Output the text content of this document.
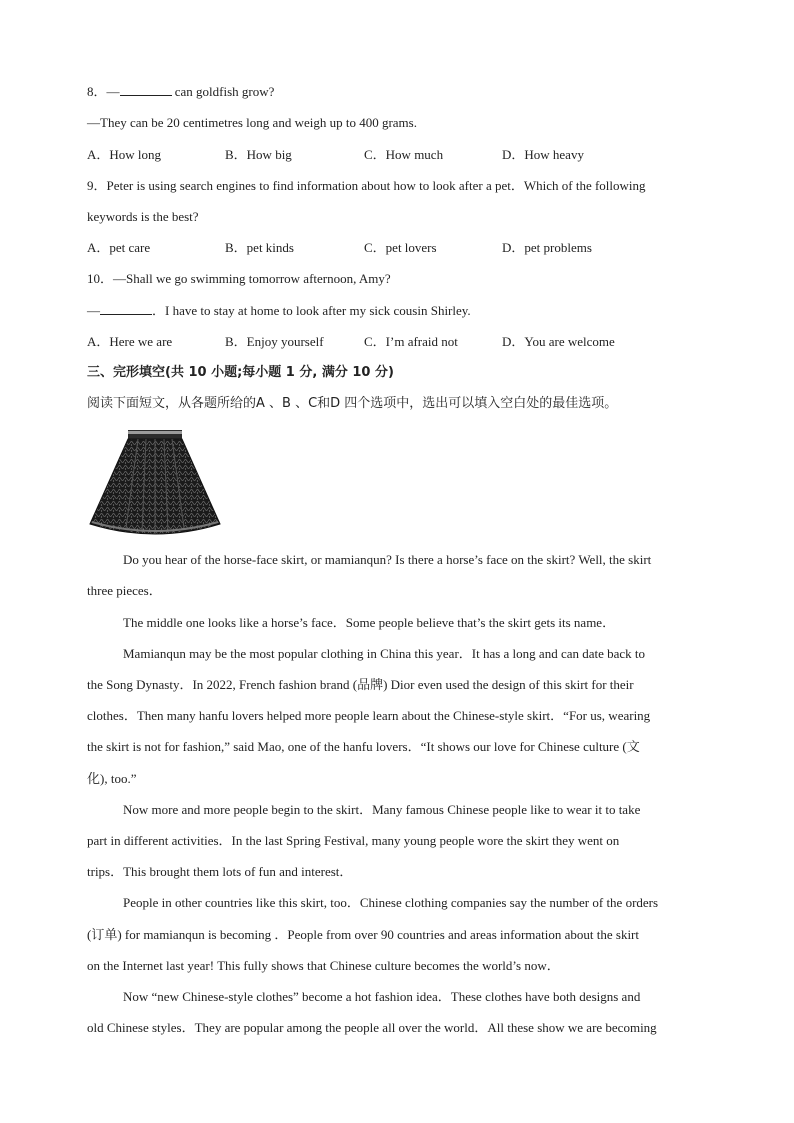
8．—	can goldfish grow?
—They can be 20 centimetres long and weigh up to 400 grams.
A．How long	B．How big	C．How much	D．How heavy
9．Peter is using search engines to find information about how to look after a pet．Which of the following
keywords is the best?
A．pet care	B．pet kinds	C．pet lovers	D．pet problems
10．—Shall we go swimming tomorrow afternoon, Amy?
—	．I have to stay at home to look after my sick cousin Shirley.
A．Here we are	B．Enjoy yourself	C．I’m afraid not	D．You are welcome
三、完形填空(共 10 小题;每小题 1 分, 满分 10 分)
阅读下面短文，从各题所给的A 、B 、C和D 四个选项中，选出可以填入空白处的最佳选项。
Do you hear of the horse-face skirt, or mamianqun? Is there a horse’s face on the skirt? Well, the skirt
three pieces．
The middle one looks like a horse’s face．Some people believe that’s the skirt gets its name．
Mamianqun may be the most popular clothing in China this year．It has a long and can date back to
the Song Dynasty．In 2022, French fashion brand (品牌) Dior even used the design of this skirt for their
clothes．Then many hanfu lovers helped more people learn about the Chinese-style skirt．“For us, wearing
the skirt is not for fashion,” said Mao, one of the hanfu lovers．“It shows our love for Chinese culture (文
化), too.”
Now more and more people begin to the skirt．Many famous Chinese people like to wear it to take
part in different activities．In the last Spring Festival, many young people wore the skirt they went on
trips．This brought them lots of fun and interest．
People in other countries like this skirt, too．Chinese clothing companies say the number of the orders
(订单) for mamianqun is becoming ．People from over 90 countries and areas information about the skirt
on the Internet last year! This fully shows that Chinese culture becomes the world’s now．
Now “new Chinese-style clothes” become a hot fashion idea．These clothes have both designs and
old Chinese styles．They are popular among the people all over the world．All these show we are becoming
